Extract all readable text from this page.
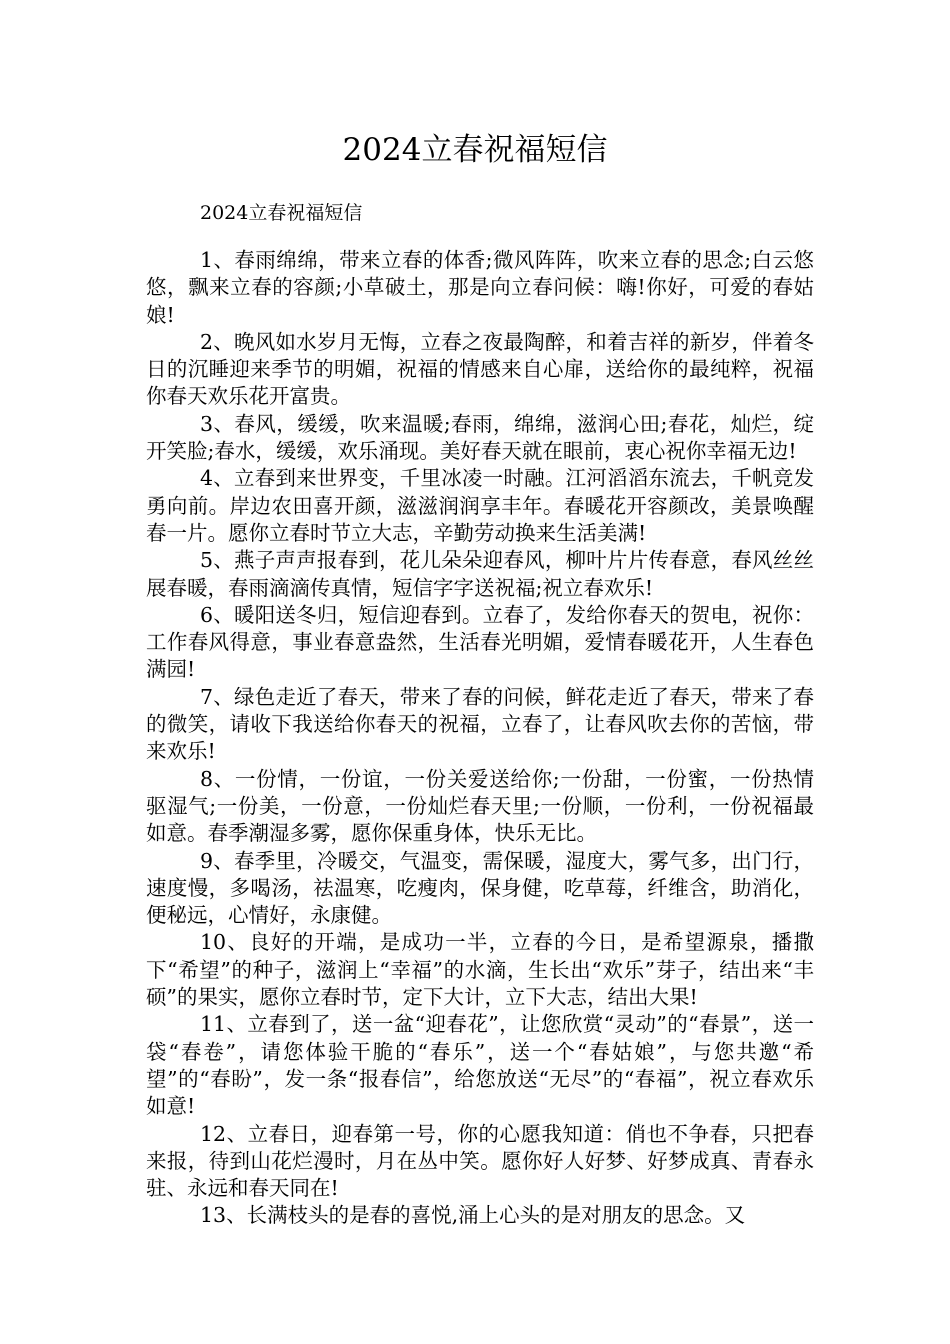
2024立春祝福短信

2024立春祝福短信

1、春雨绵绵，带来立春的体香;微风阵阵，吹来立春的思念;白云悠悠，飘来立春的容颜;小草破土，那是向立春问候：嗨!你好，可爱的春姑娘!

2、晚风如水岁月无悔，立春之夜最陶醉，和着吉祥的新岁，伴着冬日的沉睡迎来季节的明媚，祝福的情感来自心扉，送给你的最纯粹，祝福你春天欢乐花开富贵。

3、春风，缓缓，吹来温暖;春雨，绵绵，滋润心田;春花，灿烂，绽开笑脸;春水，缓缓，欢乐涌现。美好春天就在眼前，衷心祝你幸福无边!

4、立春到来世界变，千里冰凌一时融。江河滔滔东流去，千帆竞发勇向前。岸边农田喜开颜，滋滋润润享丰年。春暖花开容颜改，美景唤醒春一片。愿你立春时节立大志，辛勤劳动换来生活美满!

5、燕子声声报春到，花儿朵朵迎春风，柳叶片片传春意，春风丝丝展春暖，春雨滴滴传真情，短信字字送祝福;祝立春欢乐!

6、暖阳送冬归，短信迎春到。立春了，发给你春天的贺电，祝你：工作春风得意，事业春意盎然，生活春光明媚，爱情春暖花开，人生春色满园!

7、绿色走近了春天，带来了春的问候，鲜花走近了春天，带来了春的微笑，请收下我送给你春天的祝福，立春了，让春风吹去你的苦恼，带来欢乐!

8、一份情，一份谊，一份关爱送给你;一份甜，一份蜜，一份热情驱湿气;一份美，一份意，一份灿烂春天里;一份顺，一份利，一份祝福最如意。春季潮湿多雾，愿你保重身体，快乐无比。

9、春季里，冷暖交，气温变，需保暖，湿度大，雾气多，出门行，速度慢，多喝汤，祛温寒，吃瘦肉，保身健，吃草莓，纤维含，助消化，便秘远，心情好，永康健。

10、良好的开端，是成功一半，立春的今日，是希望源泉，播撒下“希望”的种子，滋润上“幸福”的水滴，生长出“欢乐”芽子，结出来“丰硕”的果实，愿你立春时节，定下大计，立下大志，结出大果!

11、立春到了，送一盆“迎春花”，让您欣赏“灵动”的“春景”，送一袋“春卷”，请您体验干脆的“春乐”，送一个“春姑娘”，与您共邀“希望”的“春盼”，发一条“报春信”，给您放送“无尽”的“春福”，祝立春欢乐如意!

12、立春日，迎春第一号，你的心愿我知道：俏也不争春，只把春来报，待到山花烂漫时，月在丛中笑。愿你好人好梦、好梦成真、青春永驻、永远和春天同在!

13、长满枝头的是春的喜悦,涌上心头的是对朋友的思念。又
